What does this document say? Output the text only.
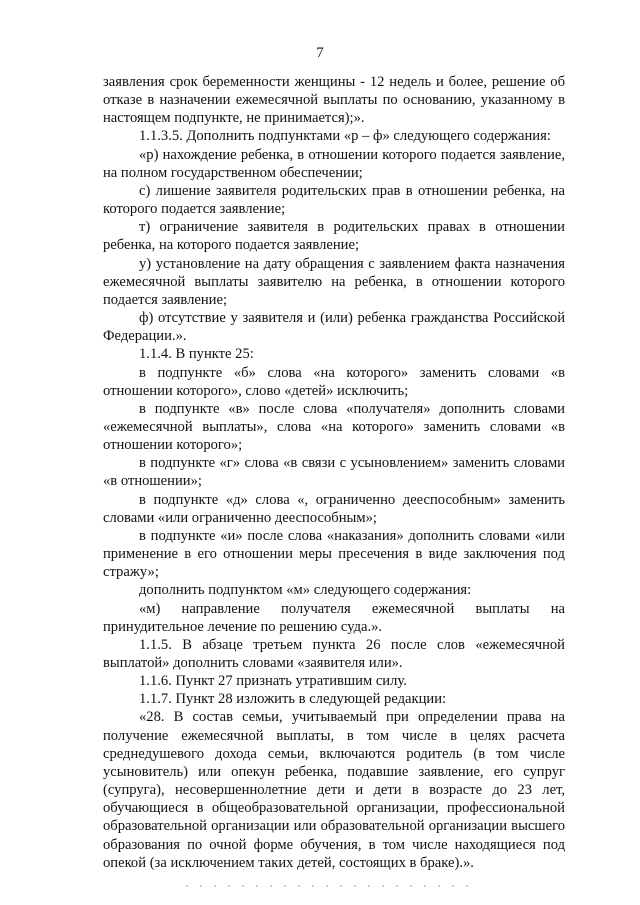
7

заявления срок беременности женщины - 12 недель и более, решение об отказе в назначении ежемесячной выплаты по основанию, указанному в настоящем подпункте, не принимается);».

1.1.3.5. Дополнить подпунктами «р – ф» следующего содержания:

«р) нахождение ребенка, в отношении которого подается заявление, на полном государственном обеспечении;

с) лишение заявителя родительских прав в отношении ребенка, на которого подается заявление;

т) ограничение заявителя в родительских правах в отношении ребенка, на которого подается заявление;

у) установление на дату обращения с заявлением факта назначения ежемесячной выплаты заявителю на ребенка, в отношении которого подается заявление;

ф) отсутствие у заявителя и (или) ребенка гражданства Российской Федерации.».

1.1.4. В пункте 25:

в подпункте «б» слова «на которого» заменить словами «в отношении которого», слово «детей» исключить;

в подпункте «в» после слова «получателя» дополнить словами «ежемесячной выплаты», слова «на которого» заменить словами «в отношении которого»;

в подпункте «г» слова «в связи с усыновлением» заменить словами «в отношении»;

в подпункте «д» слова «, ограниченно дееспособным» заменить словами «или ограниченно дееспособным»;

в подпункте «и» после слова «наказания» дополнить словами «или применение в его отношении меры пресечения в виде заключения под стражу»;

дополнить подпунктом «м» следующего содержания:

«м) направление получателя ежемесячной выплаты на принудительное лечение по решению суда.».

1.1.5. В абзаце третьем пункта 26 после слов «ежемесячной выплатой» дополнить словами «заявителя или».

1.1.6. Пункт 27 признать утратившим силу.

1.1.7. Пункт 28 изложить в следующей редакции:

«28. В состав семьи, учитываемый при определении права на получение ежемесячной выплаты, в том числе в целях расчета среднедушевого дохода семьи, включаются родитель (в том числе усыновитель) или опекун ребенка, подавшие заявление, его супруг (супруга), несовершеннолетние дети и дети в возрасте до 23 лет, обучающиеся в общеобразовательной организации, профессиональной образовательной организации или образовательной организации высшего образования по очной форме обучения, в том числе находящиеся под опекой (за исключением таких детей, состоящих в браке).».
